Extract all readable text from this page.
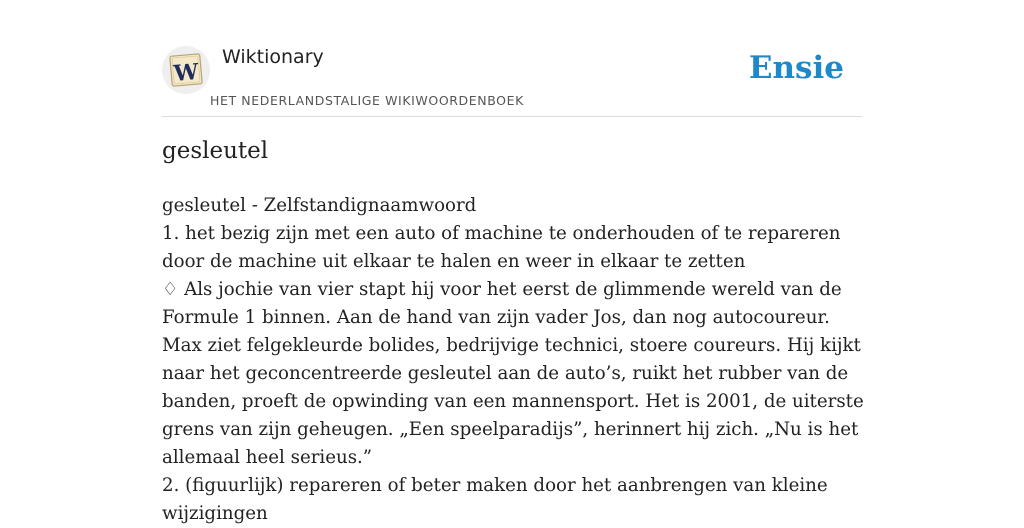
W
Wiktionary
HET NEDERLANDSTALIGE WIKIWOORDENBOEK
Ensie
gesleutel

gesleutel - Zelfstandignaamwoord

1. het bezig zijn met een auto of machine te onderhouden of te repareren door de machine uit elkaar te halen en weer in elkaar te zetten

♢ Als jochie van vier stapt hij voor het eerst de glimmende wereld van de Formule 1 binnen. Aan de hand van zijn vader Jos, dan nog autocoureur. Max ziet felgekleurde bolides, bedrijvige technici, stoere coureurs. Hij kijkt naar het geconcentreerde gesleutel aan de auto’s, ruikt het rubber van de banden, proeft de opwinding van een mannensport. Het is 2001, de uiterste grens van zijn geheugen. „Een speelparadijs”, herinnert hij zich. „Nu is het allemaal heel serieus.”

2. (figuurlijk) repareren of beter maken door het aanbrengen van kleine wijzigingen
